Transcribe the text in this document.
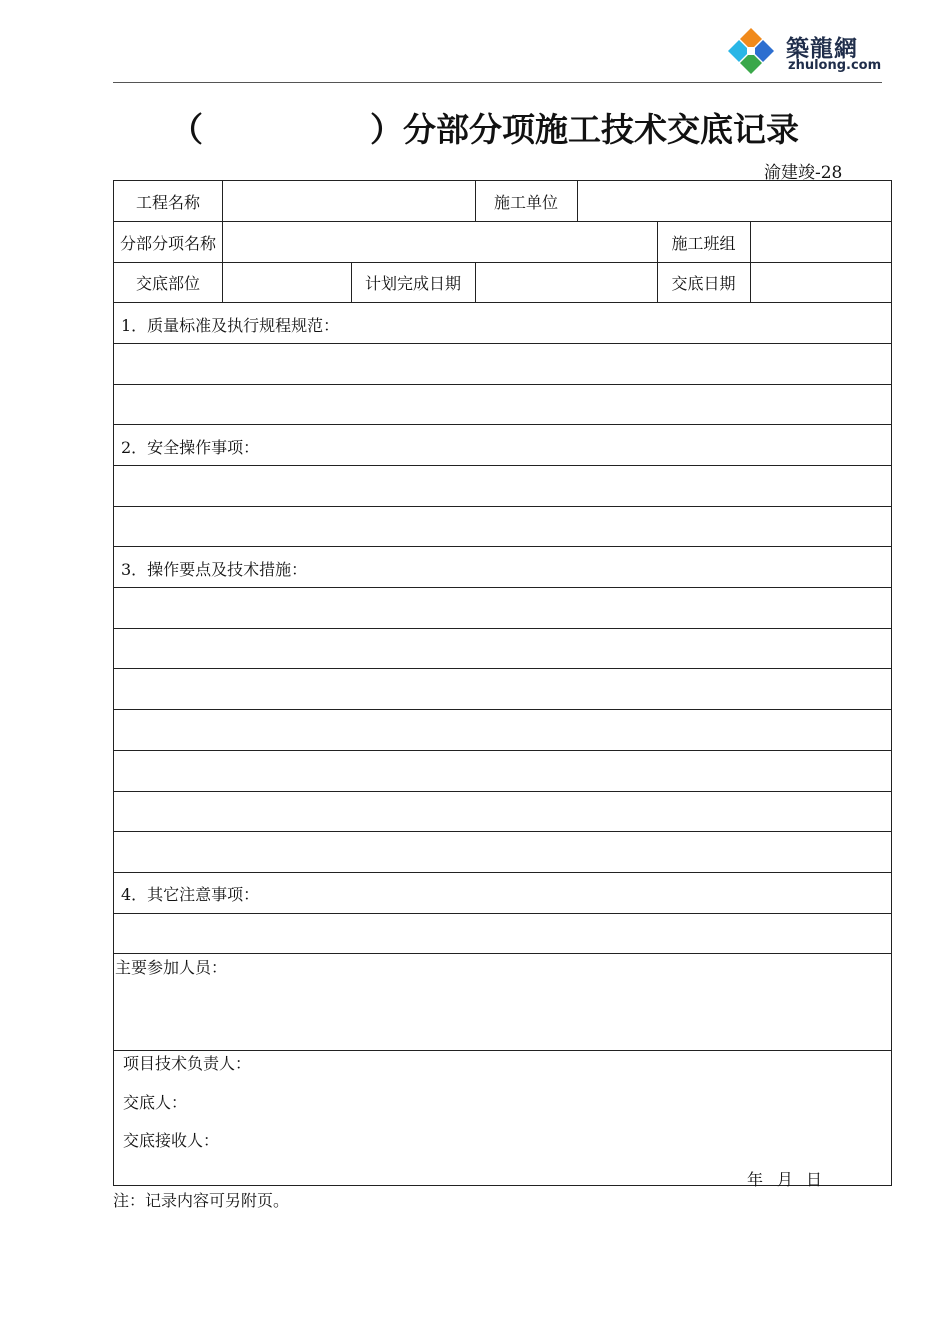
築龍網
zhulong.com
（	）分部分项施工技术交底记录
渝建竣-28
工程名称	施工单位
分部分项名称	施工班组
交底部位	计划完成日期	交底日期
1．质量标准及执行规程规范：
2．安全操作事项：
3．操作要点及技术措施：
4．其它注意事项：
主要参加人员：
项目技术负责人：
交底人：
交底接收人：
年 月 日
注：记录内容可另附页。
